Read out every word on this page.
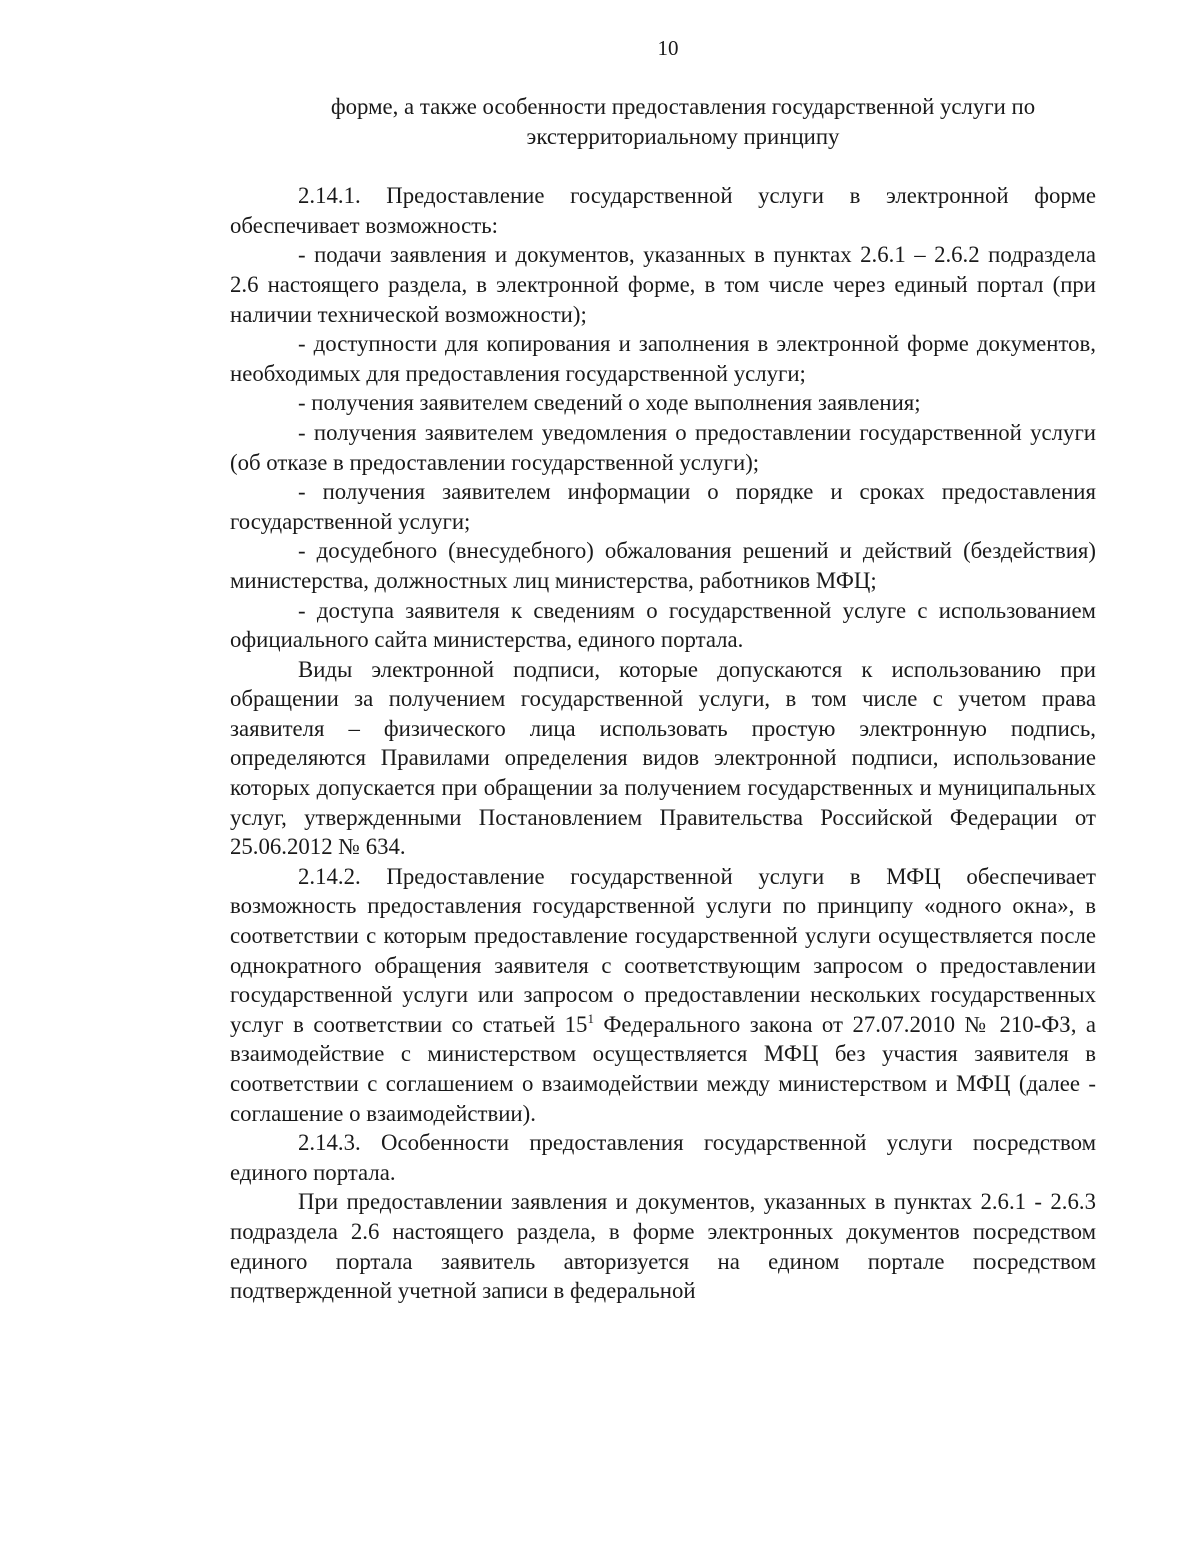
10
форме, а также особенности предоставления государственной услуги по
экстерриториальному принципу

2.14.1. Предоставление государственной услуги в электронной форме обеспечивает возможность:

- подачи заявления и документов, указанных в пунктах 2.6.1 – 2.6.2 подраздела 2.6 настоящего раздела, в электронной форме, в том числе через единый портал (при наличии технической возможности);

- доступности для копирования и заполнения в электронной форме документов, необходимых для предоставления государственной услуги;

- получения заявителем сведений о ходе выполнения заявления;

- получения заявителем уведомления о предоставлении государственной услуги (об отказе в предоставлении государственной услуги);

- получения заявителем информации о порядке и сроках предоставления государственной услуги;

- досудебного (внесудебного) обжалования решений и действий (бездействия) министерства, должностных лиц министерства, работников МФЦ;

- доступа заявителя к сведениям о государственной услуге с использованием официального сайта министерства, единого портала.

Виды электронной подписи, которые допускаются к использованию при обращении за получением государственной услуги, в том числе с учетом права заявителя – физического лица использовать простую электронную подпись, определяются Правилами определения видов электронной подписи, использование которых допускается при обращении за получением государственных и муниципальных услуг, утвержденными Постановлением Правительства Российской Федерации от 25.06.2012 № 634.

2.14.2. Предоставление государственной услуги в МФЦ обеспечивает возможность предоставления государственной услуги по принципу «одного окна», в соответствии с которым предоставление государственной услуги осуществляется после однократного обращения заявителя с соответствующим запросом о предоставлении государственной услуги или запросом о предоставлении нескольких государственных услуг в соответствии со статьей $15^1$ Федерального закона от 27.07.2010 № 210-ФЗ, а взаимодействие с министерством осуществляется МФЦ без участия заявителя в соответствии с соглашением о взаимодействии между министерством и МФЦ (далее - соглашение о взаимодействии).

2.14.3. Особенности предоставления государственной услуги посредством единого портала.

При предоставлении заявления и документов, указанных в пунктах 2.6.1 - 2.6.3 подраздела 2.6 настоящего раздела, в форме электронных документов посредством единого портала заявитель авторизуется на едином портале посредством подтвержденной учетной записи в федеральной
